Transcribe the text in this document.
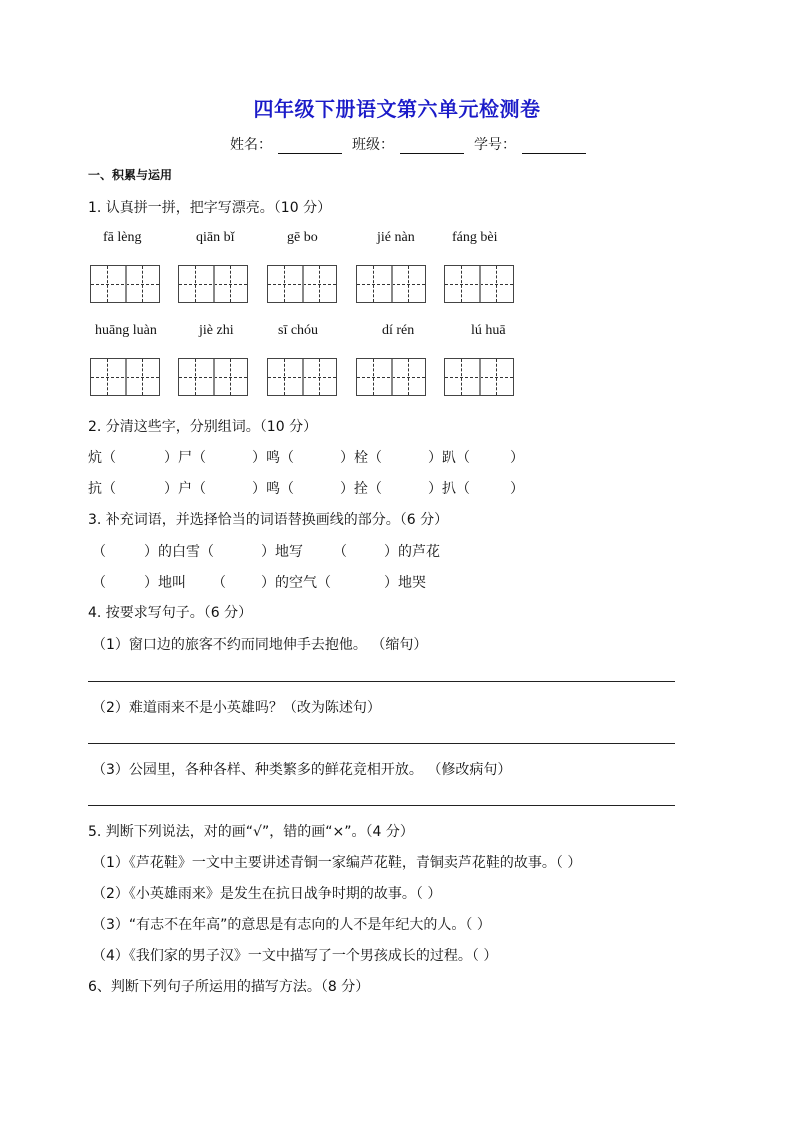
四年级下册语文第六单元检测卷
姓名：	班级：	学号：
一、积累与运用
1. 认真拼一拼，把字写漂亮。（10 分）
fā lèng	qiān bǐ	gē bo	jié nàn	fáng bèi
huāng luàn	jiè zhi	sī chóu	dí rén	lú huā
2. 分清这些字，分别组词。（10 分）
炕（	）尸（	）鸣（	）栓（	）趴（	）
抗（	）户（	）鸣（	）拴（	）扒（	）
3. 补充词语，并选择恰当的词语替换画线的部分。（6 分）
（	）的白雪（	）地写 （	）的芦花
（	）地叫 （	）的空气（	）地哭
4. 按要求写句子。（6 分）
（1）窗口边的旅客不约而同地伸手去抱他。 （缩句）
（2）难道雨来不是小英雄吗？（改为陈述句）
（3）公园里，各种各样、种类繁多的鲜花竞相开放。 （修改病句）
5. 判断下列说法，对的画“√”，错的画“×”。（4 分）
（1）《芦花鞋》一文中主要讲述青铜一家编芦花鞋，青铜卖芦花鞋的故事。（ ）
（2）《小英雄雨来》是发生在抗日战争时期的故事。（ ）
（3）“有志不在年高”的意思是有志向的人不是年纪大的人。（ ）
（4）《我们家的男子汉》一文中描写了一个男孩成长的过程。（ ）
6、判断下列句子所运用的描写方法。（8 分）
